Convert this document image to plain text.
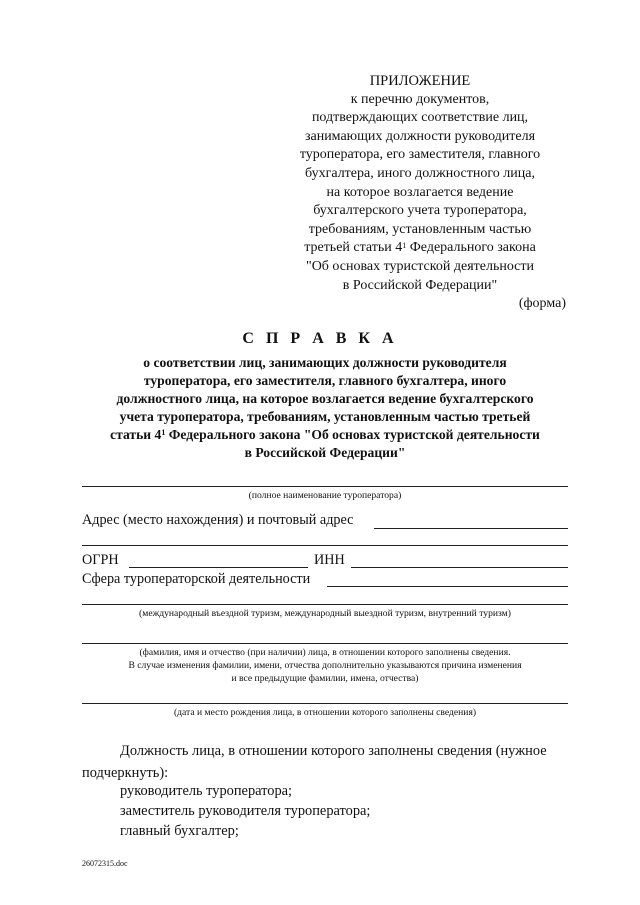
ПРИЛОЖЕНИЕ
к перечню документов,
подтверждающих соответствие лиц,
занимающих должности руководителя
туроператора, его заместителя, главного
бухгалтера, иного должностного лица,
на которое возлагается ведение
бухгалтерского учета туроператора,
требованиям, установленным частью
третьей статьи $4^1$ Федерального закона
"Об основах туристской деятельности
в Российской Федерации"
(форма)
С П Р А В К А
о соответствии лиц, занимающих должности руководителя
туроператора, его заместителя, главного бухгалтера, иного
должностного лица, на которое возлагается ведение бухгалтерского
учета туроператора, требованиям, установленным частью третьей
статьи $4^1$ Федерального закона "Об основах туристской деятельности
в Российской Федерации"
(полное наименование туроператора)
Адрес (место нахождения) и почтовый адрес
ОГРН	ИНН
Сфера туроператорской деятельности
(международный въездной туризм, международный выездной туризм, внутренний туризм)
(фамилия, имя и отчество (при наличии) лица, в отношении которого заполнены сведения.
В случае изменения фамилии, имени, отчества дополнительно указываются причина изменения
и все предыдущие фамилии, имена, отчества)
(дата и место рождения лица, в отношении которого заполнены сведения)
Должность лица, в отношении которого заполнены сведения (нужное
подчеркнуть):
руководитель туроператора;
заместитель руководителя туроператора;
главный бухгалтер;
26072315.doc
